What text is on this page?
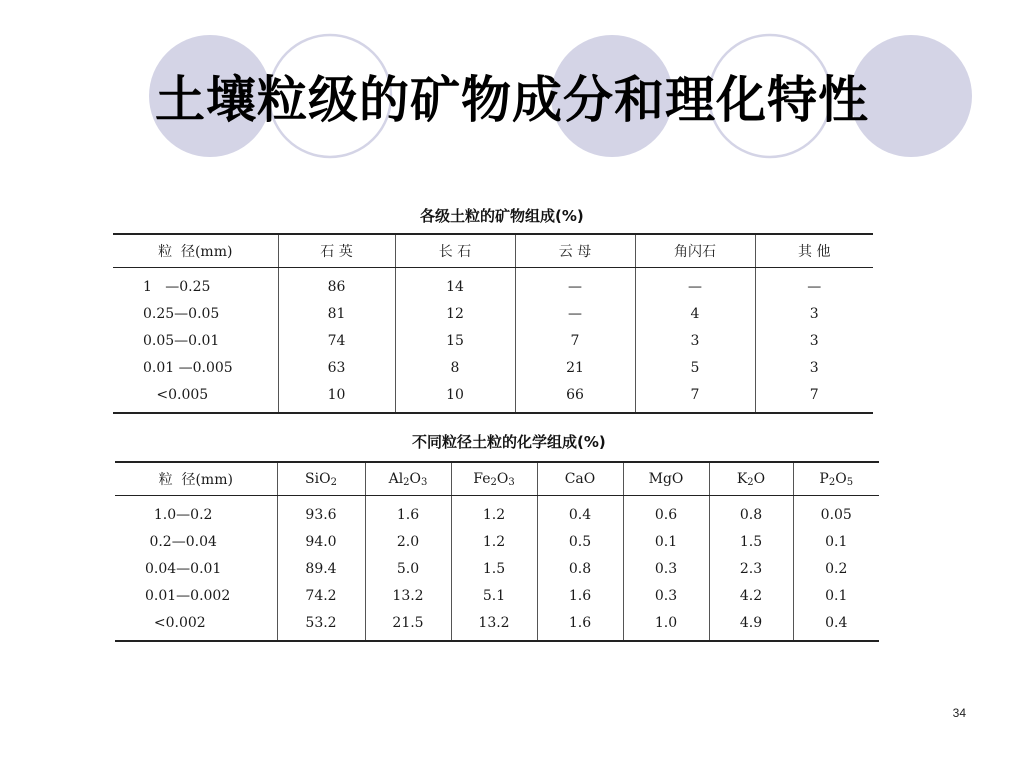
土壤粒级的矿物成分和理化特性
各级土粒的矿物组成(%)
粒  径(mm)	石 英	长 石	云 母	角闪石	其 他
1   —0.25	86	14	—	—	—
0.25—0.05	81	12	—	4	3
0.05—0.01	74	15	7	3	3
0.01 —0.005	63	8	21	5	3
<0.005	10	10	66	7	7
不同粒径土粒的化学组成(%)
粒  径(mm)	SiO$_2$	$Al_2O_3$	$Fe_2O_3$	CaO	MgO	$K_2O$	$P_2O_5$
1.0—0.2	93.6	1.6	1.2	0.4	0.6	0.8	0.05
0.2—0.04	94.0	2.0	1.2	0.5	0.1	1.5	0.1
0.04—0.01	89.4	5.0	1.5	0.8	0.3	2.3	0.2
0.01—0.002	74.2	13.2	5.1	1.6	0.3	4.2	0.1
<0.002	53.2	21.5	13.2	1.6	1.0	4.9	0.4
34
